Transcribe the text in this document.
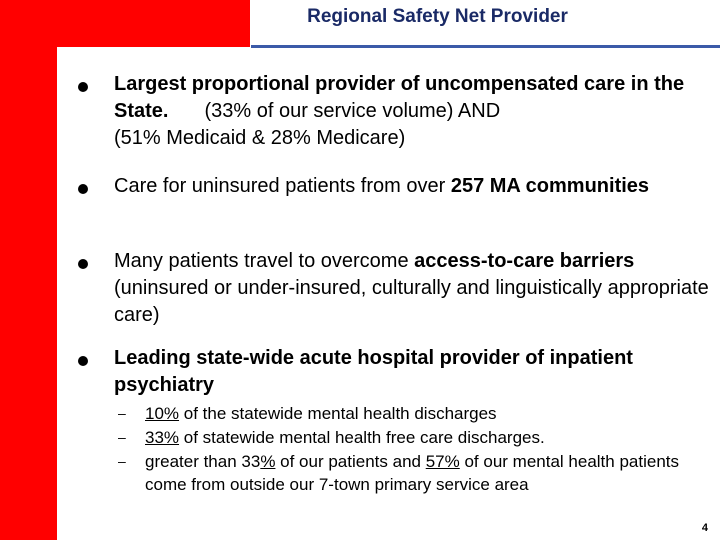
Regional Safety Net Provider
Largest proportional provider of uncompensated care in the State. (33% of our service volume) AND
(51% Medicaid & 28% Medicare)
Care for uninsured patients from over 257 MA communities
Many patients travel to overcome access-to-care barriers(uninsured or under-insured, culturally and linguistically appropriate care)
Leading state-wide acute hospital provider of inpatient psychiatry
– 10% of the statewide mental health discharges
– 33% of statewide mental health free care discharges.
– greater than 33% of our patients and 57% of our mental health patients come from outside our 7-town primary service area
4
